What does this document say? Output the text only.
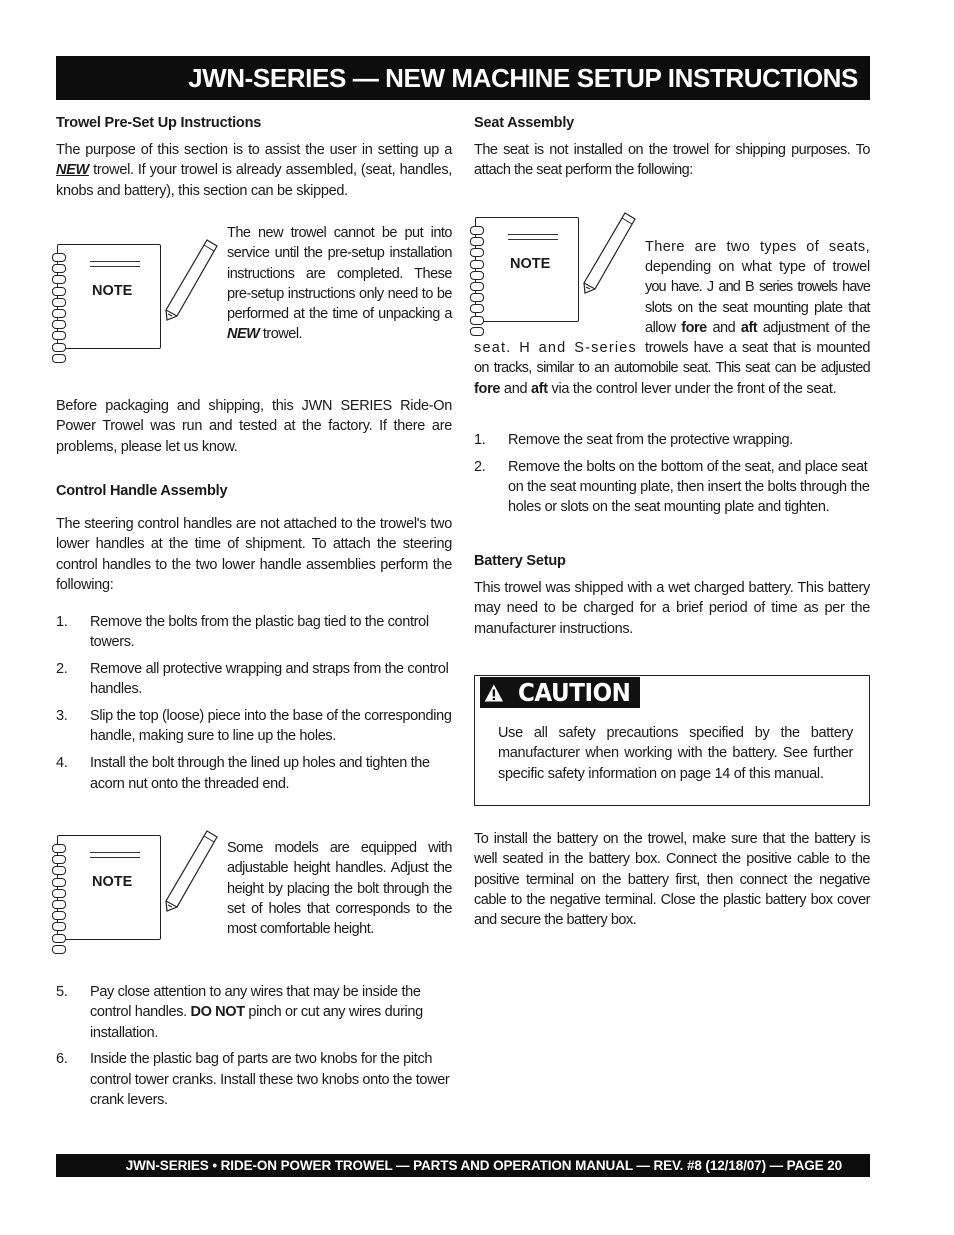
JWN-SERIES — NEW MACHINE SETUP INSTRUCTIONS
JWN-SERIES • RIDE-ON POWER TROWEL — PARTS AND OPERATION MANUAL — REV. #8 (12/18/07) — PAGE 20
Trowel Pre-Set Up Instructions
The purpose of this section is to assist the user in setting up a NEW trowel. If your trowel is already assembled, (seat, handles, knobs and battery), this section can be skipped.
NOTE
The new trowel cannot be put into service until the pre-setup installation instructions are completed. These pre-setup instructions only need to be performed at the time of unpacking a NEW trowel.
Before packaging and shipping, this JWN SERIES Ride-On Power Trowel was run and tested at the factory. If there are problems, please let us know.
Control Handle Assembly
The steering control handles are not attached to the trowel's two lower handles at the time of shipment. To attach the steering control handles to the two lower handle assemblies perform the following:
1. Remove the bolts from the plastic bag tied to the control towers.
2. Remove all protective wrapping and straps from the control handles.
3. Slip the top (loose) piece into the base of the corresponding handle, making sure to line up the holes.
4. Install the bolt through the lined up holes and tighten the acorn nut onto the threaded end.
NOTE
Some models are equipped with adjustable height handles. Adjust the height by placing the bolt through the set of holes that corresponds to the most comfortable height.
5. Pay close attention to any wires that may be inside the control handles. DO NOT pinch or cut any wires during installation.
6. Inside the plastic bag of parts are two knobs for the pitch control tower cranks. Install these two knobs onto the tower crank levers.
Seat Assembly
The seat is not installed on the trowel for shipping purposes. To attach the seat perform the following:
NOTE
There are two types of seats,
depending on what type of trowel
you have. J and B series trowels have
slots on the seat mounting plate that
allow fore and aft adjustment of the
seat. H and S-series trowels have a seat that is mounted
on tracks, similar to an automobile seat. This seat can be adjusted
fore and aft via the control lever under the front of the seat.
1. Remove the seat from the protective wrapping.
2. Remove the bolts on the bottom of the seat, and place seat on the seat mounting plate, then insert the bolts through the holes or slots on the seat mounting plate and tighten.
Battery Setup
This trowel was shipped with a wet charged battery. This battery may need to be charged for a brief period of time as per the manufacturer instructions.
CAUTION
Use all safety precautions specified by the battery manufacturer when working with the battery. See further specific safety information on page 14 of this manual.
To install the battery on the trowel, make sure that the battery is well seated in the battery box. Connect the positive cable to the positive terminal on the battery first, then connect the negative cable to the negative terminal. Close the plastic battery box cover and secure the battery box.
